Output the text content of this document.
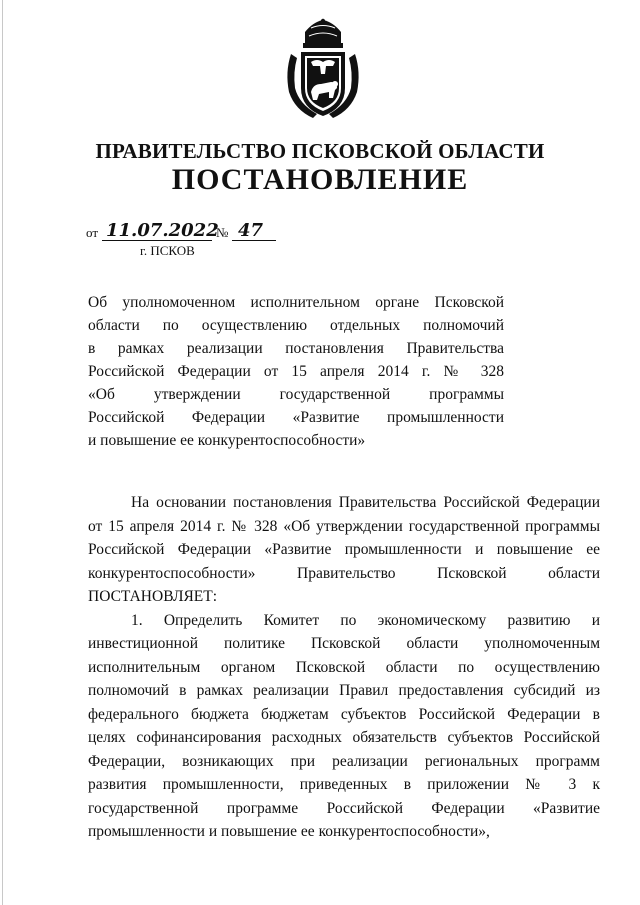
ПРАВИТЕЛЬСТВО ПСКОВСКОЙ ОБЛАСТИ
ПОСТАНОВЛЕНИЕ
от 11.07.2022
№ 47
г. ПСКОВ
Об уполномоченном исполнительном органе Псковской
области по осуществлению отдельных полномочий
в рамках реализации постановления Правительства
Российской Федерации от 15 апреля 2014 г. № 328
«Об утверждении государственной программы
Российской Федерации «Развитие промышленности
и повышение ее конкурентоспособности»
На основании постановления Правительства Российской Федерации
от 15 апреля 2014 г. № 328 «Об утверждении государственной программы
Российской Федерации «Развитие промышленности и повышение ее
конкурентоспособности» Правительство Псковской области
ПОСТАНОВЛЯЕТ:
1. Определить Комитет по экономическому развитию и
инвестиционной политике Псковской области уполномоченным
исполнительным органом Псковской области по осуществлению
полномочий в рамках реализации Правил предоставления субсидий из
федерального бюджета бюджетам субъектов Российской Федерации в
целях софинансирования расходных обязательств субъектов Российской
Федерации, возникающих при реализации региональных программ
развития промышленности, приведенных в приложении № 3 к
государственной программе Российской Федерации «Развитие
промышленности и повышение ее конкурентоспособности»,
